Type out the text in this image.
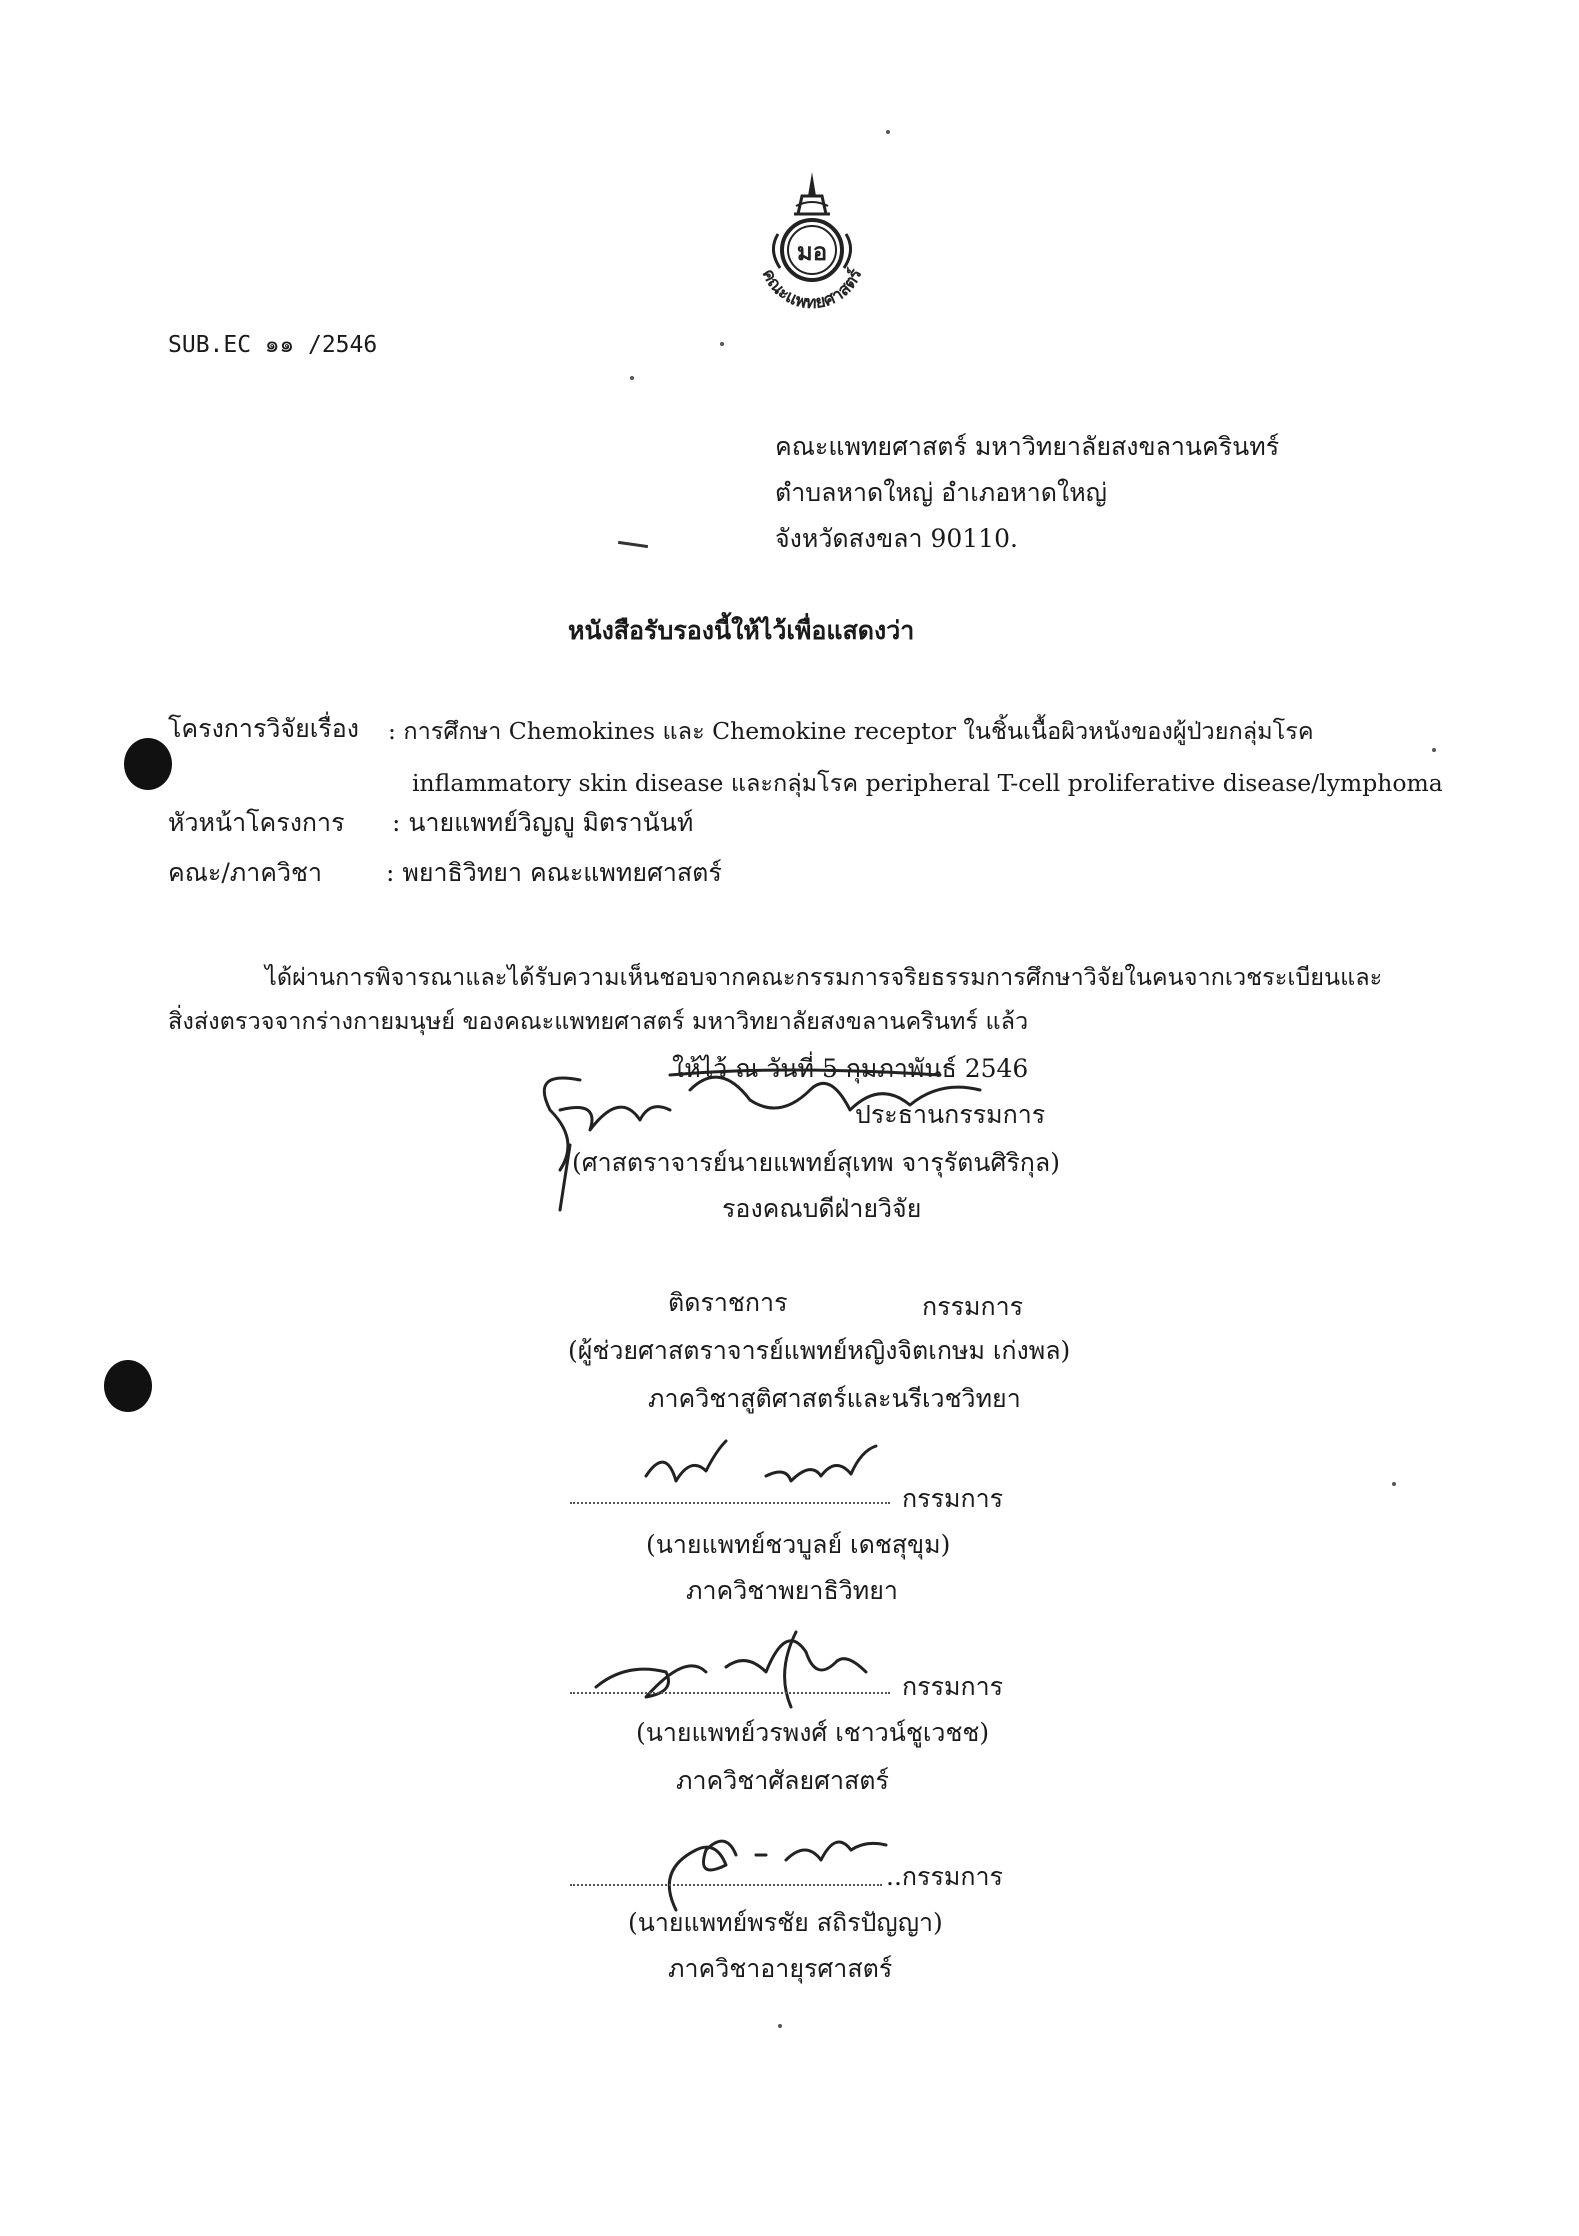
มอ
คณะแพทยศาสตร์
SUB.EC ๑๑ /2546
คณะแพทยศาสตร์ มหาวิทยาลัยสงขลานครินทร์
ตำบลหาดใหญ่ อำเภอหาดใหญ่
จังหวัดสงขลา 90110.
หนังสือรับรองนี้ให้ไว้เพื่อแสดงว่า
โครงการวิจัยเรื่อง : การศึกษา Chemokines และ Chemokine receptor ในชิ้นเนื้อผิวหนังของผู้ป่วยกลุ่มโรค
inflammatory skin disease และกลุ่มโรค peripheral T-cell proliferative disease/lymphoma
หัวหน้าโครงการ : นายแพทย์วิญญู มิตรานันท์
คณะ/ภาควิชา	: พยาธิวิทยา คณะแพทยศาสตร์
ได้ผ่านการพิจารณาและได้รับความเห็นชอบจากคณะกรรมการจริยธรรมการศึกษาวิจัยในคนจากเวชระเบียนและ
สิ่งส่งตรวจจากร่างกายมนุษย์ ของคณะแพทยศาสตร์ มหาวิทยาลัยสงขลานครินทร์ แล้ว
ให้ไว้ ณ วันที่ 5 กุมภาพันธ์ 2546
ประธานกรรมการ
(ศาสตราจารย์นายแพทย์สุเทพ จารุรัตนศิริกุล)
รองคณบดีฝ่ายวิจัย
ติดราชการ	กรรมการ
(ผู้ช่วยศาสตราจารย์แพทย์หญิงจิตเกษม เก่งพล)
ภาควิชาสูติศาสตร์และนรีเวชวิทยา
กรรมการ
(นายแพทย์ชวบูลย์ เดชสุขุม)
ภาควิชาพยาธิวิทยา
กรรมการ
(นายแพทย์วรพงศ์ เชาวน์ชูเวชช)
ภาควิชาศัลยศาสตร์
..กรรมการ
(นายแพทย์พรชัย สถิรปัญญา)
ภาควิชาอายุรศาสตร์
